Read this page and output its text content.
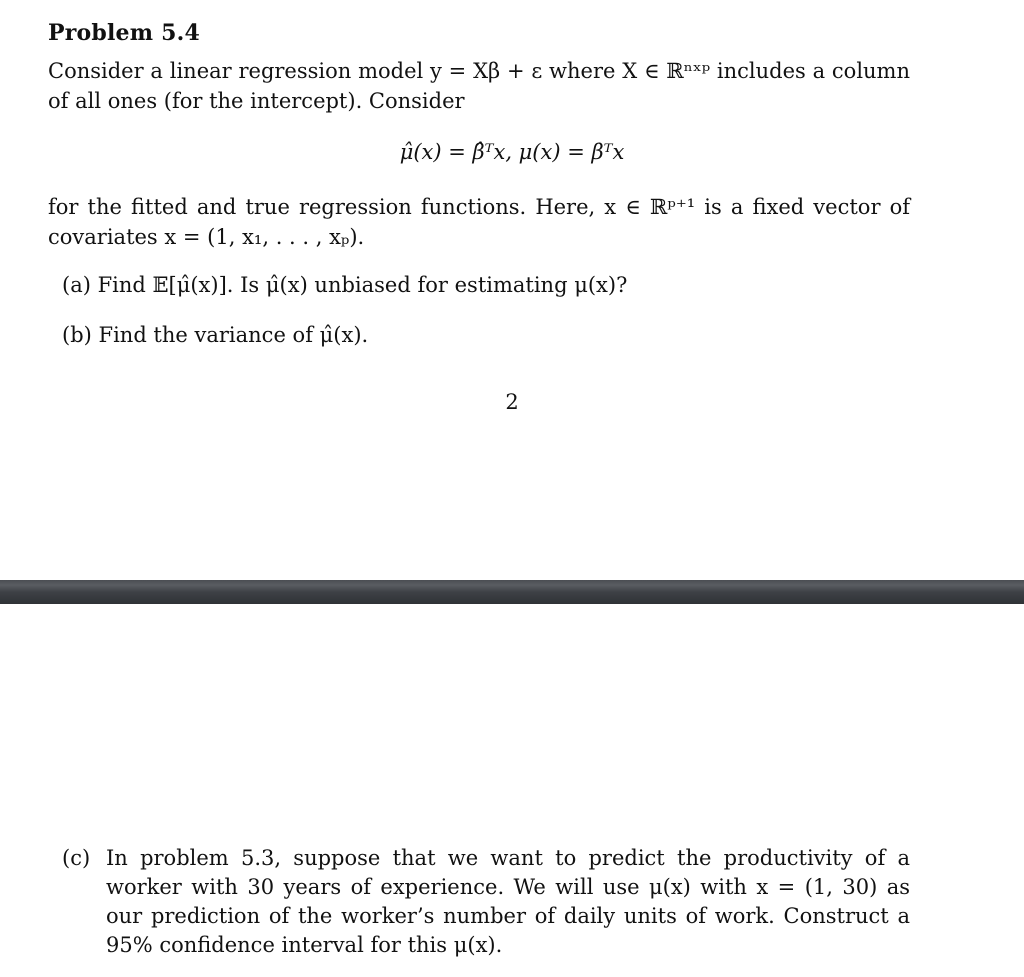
Problem 5.4
Consider a linear regression model y = Xβ + ε where X ∈ ℝⁿˣᵖ includes a column of all ones (for the intercept). Consider
μ̂(x) = β̂ᵀx, μ(x) = βᵀx
for the fitted and true regression functions. Here, x ∈ ℝᵖ⁺¹ is a fixed vector of covariates x = (1, x₁, . . . , xₚ).
(a) Find 𝔼[μ̂(x)]. Is μ̂(x) unbiased for estimating μ(x)?
(b) Find the variance of μ̂(x).
2
(c) In problem 5.3, suppose that we want to predict the productivity of a worker with 30 years of experience. We will use μ(x) with x = (1, 30) as our prediction of the worker’s number of daily units of work. Construct a 95% confidence interval for this μ(x).
